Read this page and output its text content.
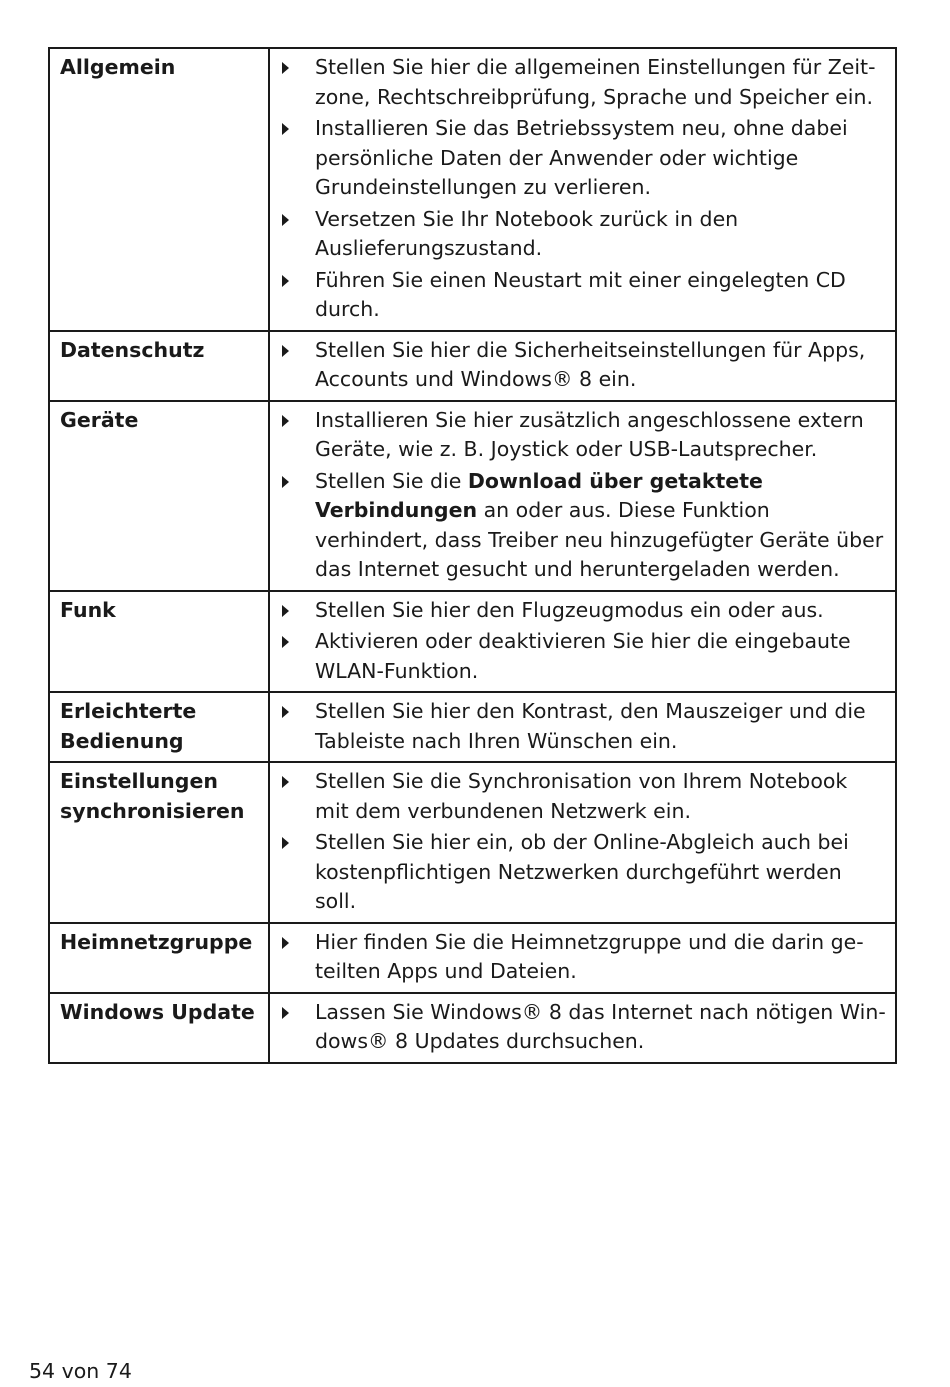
Allgemein	Stellen Sie hier die allgemeinen Einstellungen für Zeitzone, Rechtschreibprüfung, Sprache und Speicher ein.
Installieren Sie das Betriebssystem neu, ohne dabei persönliche Daten der Anwender oder wichtige Grundeinstellungen zu verlieren.
Versetzen Sie Ihr Notebook zurück in den Auslieferungszustand.
Führen Sie einen Neustart mit einer eingelegten CD durch.

Datenschutz	Stellen Sie hier die Sicherheitseinstellungen für Apps, Accounts und Windows® 8 ein.

Geräte	Installieren Sie hier zusätzlich angeschlossene extern Geräte, wie z. B. Joystick oder USB-Lautsprecher.
Stellen Sie die Download über getaktete Verbindungen an oder aus. Diese Funktion verhindert, dass Treiber neu hinzugefügter Geräte über das Internet gesucht und heruntergeladen werden.

Funk	Stellen Sie hier den Flugzeugmodus ein oder aus.
Aktivieren oder deaktivieren Sie hier die eingebaute WLAN-Funktion.

Erleichterte Bedienung	Stellen Sie hier den Kontrast, den Mauszeiger und die Tableiste nach Ihren Wünschen ein.

Einstellungen synchronisieren	Stellen Sie die Synchronisation von Ihrem Notebook mit dem verbundenen Netzwerk ein.
Stellen Sie hier ein, ob der Online-Abgleich auch bei kostenpflichtigen Netzwerken durchgeführt werden soll.

Heimnetzgruppe	Hier finden Sie die Heimnetzgruppe und die darin geteilten Apps und Dateien.

Windows Update	Lassen Sie Windows® 8 das Internet nach nötigen Windows® 8 Updates durchsuchen.
54 von 74
